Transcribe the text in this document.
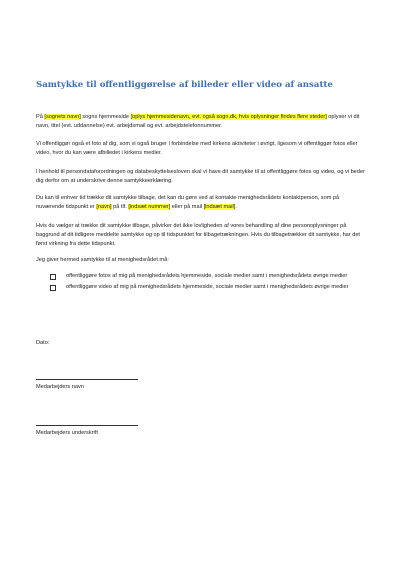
Samtykke til offentliggørelse af billeder eller video af ansatte
På [sognets navn] sogns hjemmeside [oplys hjemmesidenavn, evt. også sogn.dk, hvis oplysninger findes flere steder] oplyser vi dit navn, titel (evt. uddannelse) evt. arbejdsmail og evt. arbejdstelefonnummer.
Vi offentliggør også et foto af dig, som vi også bruger i forbindelse med kirkens aktiviteter i øvrigt, ligesom vi offentliggør fotos eller video, hvor du kan være afbilledet i kirkens medier.
I henhold til persondataforordningen og databeskyttelsesloven skal vi have dit samtykke til at offentliggøre fotos og video, og vi beder dig derfor om at underskrive denne samtykkeerklæring.
Du kan til enhver tid trække dit samtykke tilbage, det kan du gøre ved at kontakte menighedsrådets kontaktperson, som på nuværende tidspunkt er [navn] på tlf. [indsæt nummer] eller på mail [indsæt mail].
Hvis du vælger at trække dit samtykke tilbage, påvirker det ikke lovligheden af vores behandling af dine personoplysninger på baggrund af dit tidligere meddelte samtykke og op til tidspunktet for tilbagetrækningen. Hvis du tilbagetrækker dit samtykke, har det først virkning fra dette tidspunkt.
Jeg giver hermed samtykke til at menighedsrådet må:
offentliggøre fotos af mig på menighedsrådets hjemmeside, sociale medier samt i menighedsrådets øvrige medier
offentliggøre video af mig på menighedsrådets hjemmeside, sociale medier samt i menighedsrådets øvrige medier
Dato:
Medarbejders navn
Medarbejders underskrift
